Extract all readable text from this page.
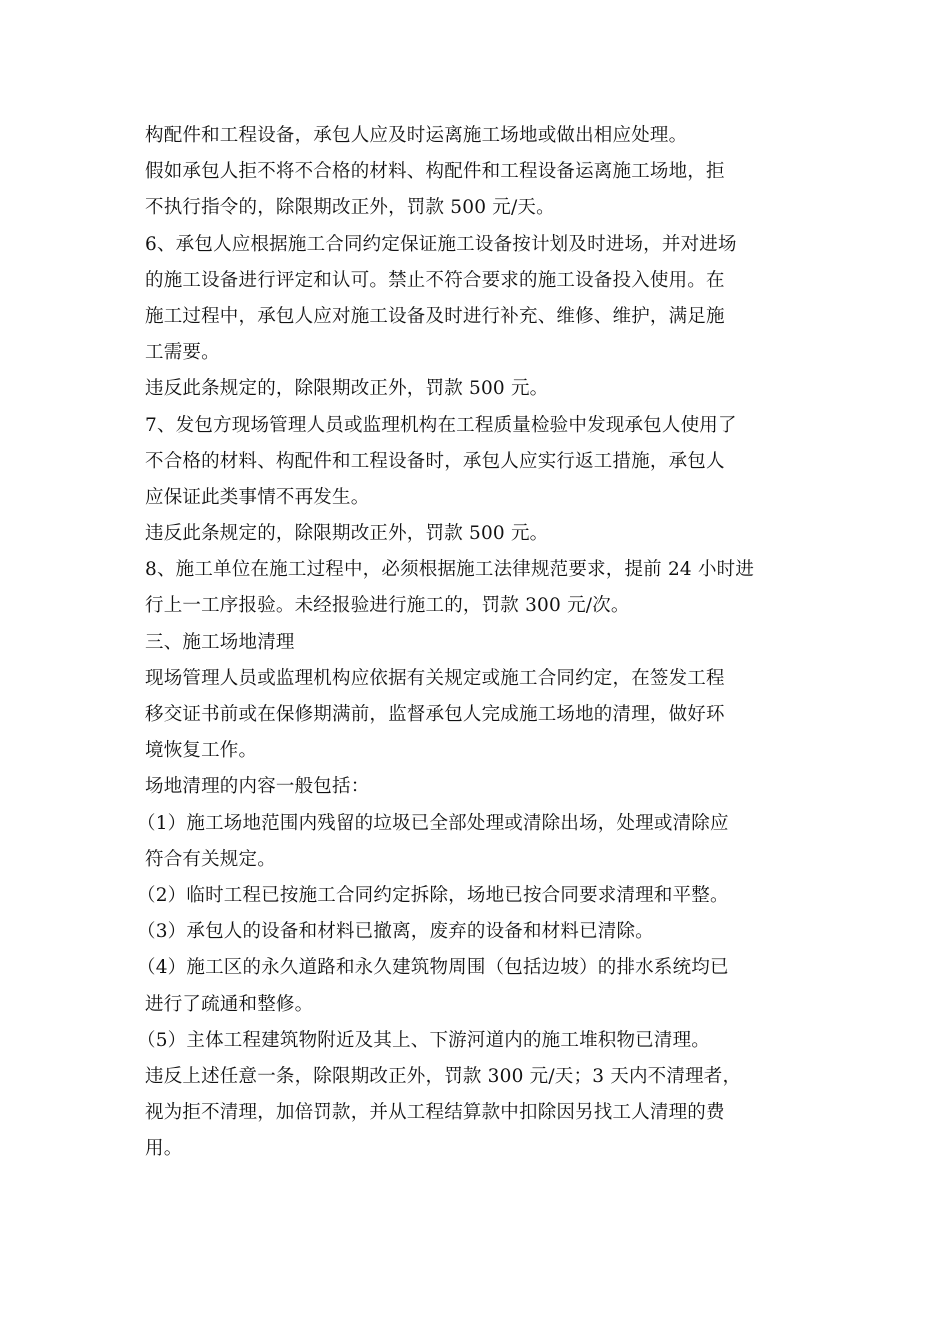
构配件和工程设备，承包人应及时运离施工场地或做出相应处理。
假如承包人拒不将不合格的材料、构配件和工程设备运离施工场地，拒
不执行指令的，除限期改正外，罚款 500 元/天。
6、承包人应根据施工合同约定保证施工设备按计划及时进场，并对进场
的施工设备进行评定和认可。禁止不符合要求的施工设备投入使用。在
施工过程中，承包人应对施工设备及时进行补充、维修、维护，满足施
工需要。
违反此条规定的，除限期改正外，罚款 500 元。
7、发包方现场管理人员或监理机构在工程质量检验中发现承包人使用了
不合格的材料、构配件和工程设备时，承包人应实行返工措施，承包人
应保证此类事情不再发生。
违反此条规定的，除限期改正外，罚款 500 元。
8、施工单位在施工过程中，必须根据施工法律规范要求，提前 24 小时进
行上一工序报验。未经报验进行施工的，罚款 300 元/次。
三、施工场地清理
现场管理人员或监理机构应依据有关规定或施工合同约定，在签发工程
移交证书前或在保修期满前，监督承包人完成施工场地的清理，做好环
境恢复工作。
场地清理的内容一般包括：
（1）施工场地范围内残留的垃圾已全部处理或清除出场，处理或清除应
符合有关规定。
（2）临时工程已按施工合同约定拆除，场地已按合同要求清理和平整。
（3）承包人的设备和材料已撤离，废弃的设备和材料已清除。
（4）施工区的永久道路和永久建筑物周围（包括边坡）的排水系统均已
进行了疏通和整修。
（5）主体工程建筑物附近及其上、下游河道内的施工堆积物已清理。
违反上述任意一条，除限期改正外，罚款 300 元/天；3 天内不清理者，
视为拒不清理，加倍罚款，并从工程结算款中扣除因另找工人清理的费
用。
